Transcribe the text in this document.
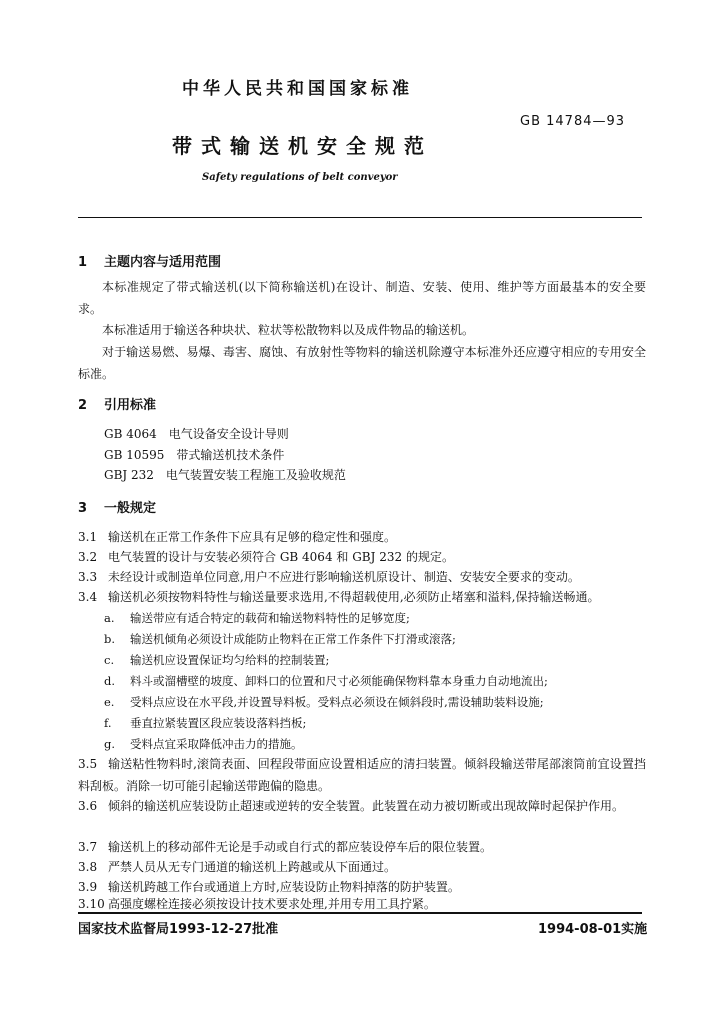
中华人民共和国国家标准
GB 14784—93
带式输送机安全规范
Safety regulations of belt conveyor
1 主题内容与适用范围
本标准规定了带式输送机(以下简称输送机)在设计、制造、安装、使用、维护等方面最基本的安全要求。
本标准适用于输送各种块状、粒状等松散物料以及成件物品的输送机。
对于输送易燃、易爆、毒害、腐蚀、有放射性等物料的输送机除遵守本标准外还应遵守相应的专用安全标准。
2 引用标准
GB 4064　电气设备安全设计导则
GB 10595　带式输送机技术条件
GBJ 232　电气装置安装工程施工及验收规范
3 一般规定
3.1 输送机在正常工作条件下应具有足够的稳定性和强度。
3.2 电气装置的设计与安装必须符合 GB 4064 和 GBJ 232 的规定。
3.3 未经设计或制造单位同意,用户不应进行影响输送机原设计、制造、安装安全要求的变动。
3.4 输送机必须按物料特性与输送量要求选用,不得超载使用,必须防止堵塞和溢料,保持输送畅通。
a. 输送带应有适合特定的载荷和输送物料特性的足够宽度;
b. 输送机倾角必须设计成能防止物料在正常工作条件下打滑或滚落;
c. 输送机应设置保证均匀给料的控制装置;
d. 料斗或溜槽壁的坡度、卸料口的位置和尺寸必须能确保物料靠本身重力自动地流出;
e. 受料点应设在水平段,并设置导料板。受料点必须设在倾斜段时,需设辅助装料设施;
f. 垂直拉紧装置区段应装设落料挡板;
g. 受料点宜采取降低冲击力的措施。
3.5 输送粘性物料时,滚筒表面、回程段带面应设置相适应的清扫装置。倾斜段输送带尾部滚筒前宜设置挡料刮板。消除一切可能引起输送带跑偏的隐患。
3.6 倾斜的输送机应装设防止超速或逆转的安全装置。此装置在动力被切断或出现故障时起保护作用。
3.7 输送机上的移动部件无论是手动或自行式的都应装设停车后的限位装置。
3.8 严禁人员从无专门通道的输送机上跨越或从下面通过。
3.9 输送机跨越工作台或通道上方时,应装设防止物料掉落的防护装置。
3.10 高强度螺栓连接必须按设计技术要求处理,并用专用工具拧紧。
国家技术监督局1993-12-27批准	1994-08-01实施
